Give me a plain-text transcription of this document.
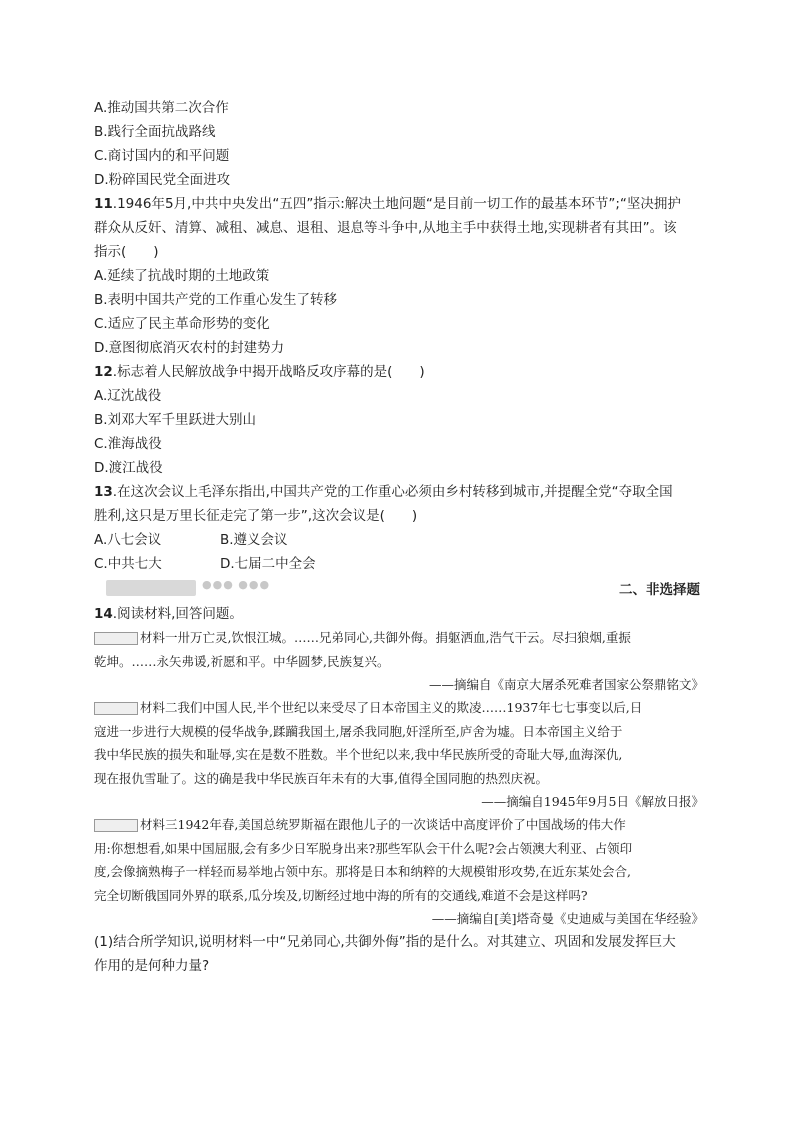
A.推动国共第二次合作
B.践行全面抗战路线
C.商讨国内的和平问题
D.粉碎国民党全面进攻
11.1946年5月,中共中央发出“五四”指示:解决土地问题“是目前一切工作的最基本环节”;“坚决拥护
群众从反奸、清算、减租、减息、退租、退息等斗争中,从地主手中获得土地,实现耕者有其田”。该
指示(　　)
A.延续了抗战时期的土地政策
B.表明中国共产党的工作重心发生了转移
C.适应了民主革命形势的变化
D.意图彻底消灭农村的封建势力
12.标志着人民解放战争中揭开战略反攻序幕的是(　　)
A.辽沈战役
B.刘邓大军千里跃进大别山
C.淮海战役
D.渡江战役
13.在这次会议上毛泽东指出,中国共产党的工作重心必须由乡村转移到城市,并提醒全党“夺取全国
胜利,这只是万里长征走完了第一步”,这次会议是(　　)
A.八七会议	B.遵义会议
C.中共七大	D.七届二中全会
●●● ●●●	二、非选择题
14.阅读材料,回答问题。
材料一卅万亡灵,饮恨江城。……兄弟同心,共御外侮。捐躯洒血,浩气干云。尽扫狼烟,重振
乾坤。……永矢弗谖,祈愿和平。中华圆梦,民族复兴。
——摘编自《南京大屠杀死难者国家公祭鼎铭文》
材料二我们中国人民,半个世纪以来受尽了日本帝国主义的欺凌……1937年七七事变以后,日
寇进一步进行大规模的侵华战争,蹂躏我国土,屠杀我同胞,奸淫所至,庐舍为墟。日本帝国主义给于
我中华民族的损失和耻辱,实在是数不胜数。半个世纪以来,我中华民族所受的奇耻大辱,血海深仇,
现在报仇雪耻了。这的确是我中华民族百年未有的大事,值得全国同胞的热烈庆祝。
——摘编自1945年9月5日《解放日报》
材料三1942年春,美国总统罗斯福在跟他儿子的一次谈话中高度评价了中国战场的伟大作
用:你想想看,如果中国屈服,会有多少日军脱身出来?那些军队会干什么呢?会占领澳大利亚、占领印
度,会像摘熟梅子一样轻而易举地占领中东。那将是日本和纳粹的大规模钳形攻势,在近东某处会合,
完全切断俄国同外界的联系,瓜分埃及,切断经过地中海的所有的交通线,难道不会是这样吗?
——摘编自[美]塔奇曼《史迪威与美国在华经验》
(1)结合所学知识,说明材料一中“兄弟同心,共御外侮”指的是什么。对其建立、巩固和发展发挥巨大
作用的是何种力量?
